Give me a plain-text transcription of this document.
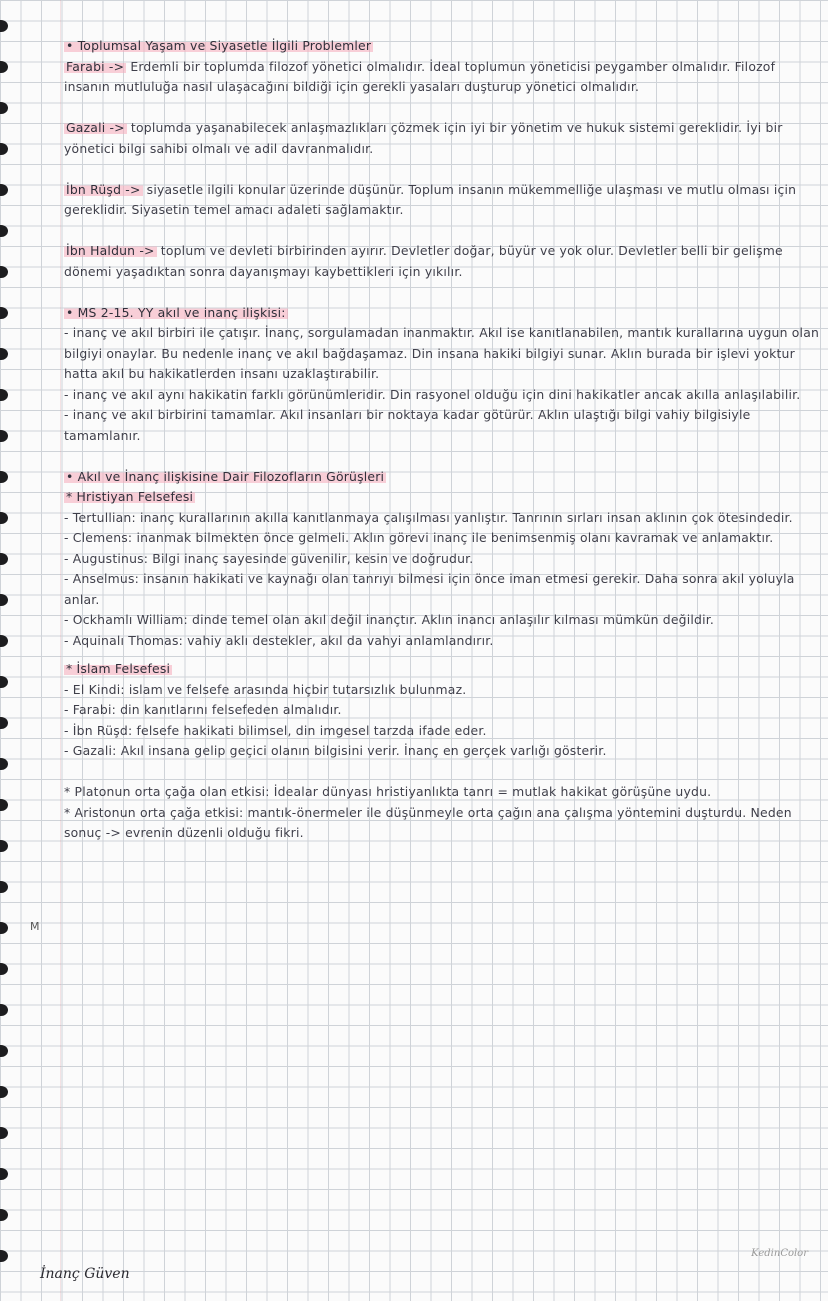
• Toplumsal Yaşam ve Siyasetle İlgili Problemler

Farabi -> Erdemli bir toplumda filozof yönetici olmalıdır. İdeal toplumun yöneticisi peygamber olmalıdır. Filozof insanın mutluluğa nasıl ulaşacağını bildiği için gerekli yasaları duşturup yönetici olmalıdır.

Gazali -> toplumda yaşanabilecek anlaşmazlıkları çözmek için iyi bir yönetim ve hukuk sistemi gereklidir. İyi bir yönetici bilgi sahibi olmalı ve adil davranmalıdır.

İbn Rüşd -> siyasetle ilgili konular üzerinde düşünür. Toplum insanın mükemmelliğe ulaşması ve mutlu olması için gereklidir. Siyasetin temel amacı adaleti sağlamaktır.

İbn Haldun -> toplum ve devleti birbirinden ayırır. Devletler doğar, büyür ve yok olur. Devletler belli bir gelişme dönemi yaşadıktan sonra dayanışmayı kaybettikleri için yıkılır.

• MS 2-15. YY akıl ve inanç ilişkisi:

- inanç ve akıl birbiri ile çatışır. İnanç, sorgulamadan inanmaktır. Akıl ise kanıtlanabilen, mantık kurallarına uygun olan bilgiyi onaylar. Bu nedenle inanç ve akıl bağdaşamaz. Din insana hakiki bilgiyi sunar. Aklın burada bir işlevi yoktur hatta akıl bu hakikatlerden insanı uzaklaştırabilir.

- inanç ve akıl aynı hakikatin farklı görünümleridir. Din rasyonel olduğu için dini hakikatler ancak akılla anlaşılabilir.

- inanç ve akıl birbirini tamamlar. Akıl insanları bir noktaya kadar götürür. Aklın ulaştığı bilgi vahiy bilgisiyle tamamlanır.

• Akıl ve İnanç ilişkisine Dair Filozofların Görüşleri

* Hristiyan Felsefesi

- Tertullian: inanç kurallarının akılla kanıtlanmaya çalışılması yanlıştır. Tanrının sırları insan aklının çok ötesindedir.

- Clemens: inanmak bilmekten önce gelmeli. Aklın görevi inanç ile benimsenmiş olanı kavramak ve anlamaktır.

- Augustinus: Bilgi inanç sayesinde güvenilir, kesin ve doğrudur.

- Anselmus: insanın hakikati ve kaynağı olan tanrıyı bilmesi için önce iman etmesi gerekir. Daha sonra akıl yoluyla anlar.

- Ockhamlı William: dinde temel olan akıl değil inançtır. Aklın inancı anlaşılır kılması mümkün değildir.

- Aquinalı Thomas: vahiy aklı destekler, akıl da vahyi anlamlandırır.

* İslam Felsefesi

- El Kindi: islam ve felsefe arasında hiçbir tutarsızlık bulunmaz.

- Farabi: din kanıtlarını felsefeden almalıdır.

- İbn Rüşd: felsefe hakikati bilimsel, din imgesel tarzda ifade eder.

- Gazali: Akıl insana gelip geçici olanın bilgisini verir. İnanç en gerçek varlığı gösterir.

* Platonun orta çağa olan etkisi: İdealar dünyası hristiyanlıkta tanrı = mutlak hakikat görüşüne uydu.

* Aristonun orta çağa etkisi: mantık-önermeler ile düşünmeyle orta çağın ana çalışma yöntemini duşturdu. Neden sonuç -> evrenin düzenli olduğu fikri.

M
KedinColor
İnanç Güven
